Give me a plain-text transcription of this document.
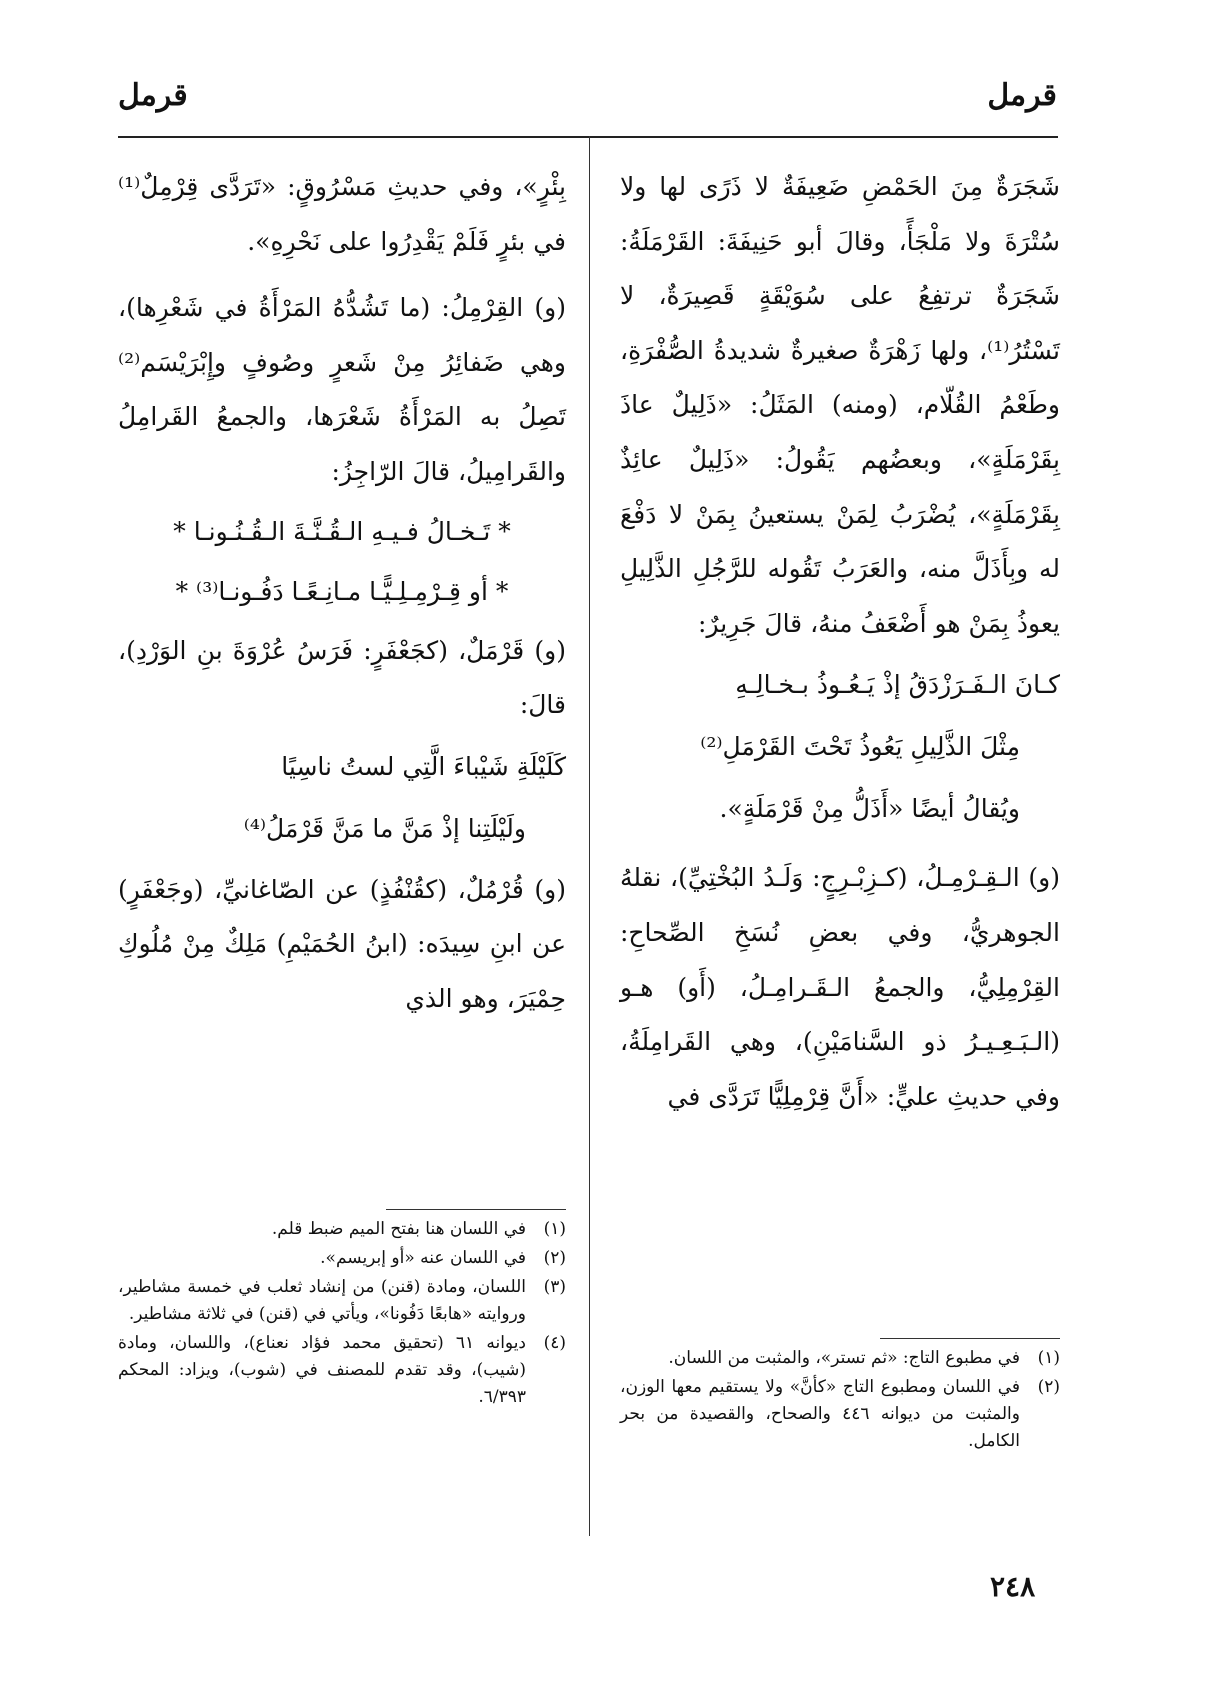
قرمل
قرمل

شَجَرَةٌ مِنَ الحَمْضِ ضَعِيفَةٌ لا ذَرًى لها ولا سُتْرَةَ ولا مَلْجَأً، وقالَ أبو حَنِيفَةَ: القَرْمَلَةُ: شَجَرَةٌ ترتفِعُ على سُوَيْقَةٍ قَصِيرَةٌ، لا تَسْتُرُ⁽¹⁾، ولها زَهْرَةٌ صغيرةٌ شديدةُ الصُّفْرَةِ، وطَعْمُ القُلّام، (ومنه) المَثَلُ: «ذَلِيلٌ عاذَ بِقَرْمَلَةٍ»، وبعضُهم يَقُولُ: «ذَلِيلٌ عائِذٌ بِقَرْمَلَةٍ»، يُضْرَبُ لِمَنْ يستعينُ بِمَنْ لا دَفْعَ له وبِأَذَلَّ منه، والعَرَبُ تَقُوله للرَّجُلِ الذَّلِيلِ يعوذُ بِمَنْ هو أَضْعَفُ منهُ، قالَ جَرِيرٌ:

كـانَ الـفَـرَزْدَقُ إذْ يَـعُـوذُ بـخـالِـهِ

مِثْلَ الذَّلِيلِ يَعُوذُ تَحْتَ القَرْمَلِ⁽²⁾

ويُقالُ أيضًا «أَذَلُّ مِنْ قَرْمَلَةٍ».

(و) الـقِـرْمِـلُ، (كـزِبْـرِجٍ: وَلَـدُ البُخْتِيِّ)، نقلهُ الجوهريُّ، وفي بعضِ نُسَخِ الصِّحاحِ: القِرْمِلِيُّ، والجمعُ الـقَـرامِـلُ، (أَو) هـو (الـبَـعِـيـرُ ذو السَّنامَيْنِ)، وهي القَرامِلَةُ، وفي حديثِ عليٍّ: «أَنَّ قِرْمِلِيًّا تَرَدَّى في

بِئْرٍ»، وفي حديثِ مَسْرُوقٍ: «تَرَدَّى قِرْمِلٌ⁽¹⁾ في بئرٍ فَلَمْ يَقْدِرُوا على نَحْرِهِ».

(و) القِرْمِلُ: (ما تَشُدُّهُ المَرْأَةُ في شَعْرِها)، وهي ضَفائِرُ مِنْ شَعرٍ وصُوفٍ وإِبْرَيْسَم⁽²⁾ تَصِلُ به المَرْأَةُ شَعْرَها، والجمعُ القَرامِلُ والقَرامِيلُ، قالَ الرّاجِزُ:

* تَـخـالُ فـيـهِ الـقُـنَّـةَ الـقُـنُـونـا *

* أو قِـرْمِـلِـيًّـا مـانِـعًـا دَفُـونـا⁽³⁾ *

(و) قَرْمَلٌ، (كجَعْفَرٍ: فَرَسُ عُرْوَةَ بنِ الوَرْدِ)، قالَ:

كَلَيْلَةِ شَيْباءَ الَّتِي لستُ ناسِيًا

ولَيْلَتِنا إذْ مَنَّ ما مَنَّ قَرْمَلُ⁽⁴⁾

(و) قُرْمُلٌ، (كقُنْفُذٍ) عن الصّاغانيِّ، (وجَعْفَرٍ) عن ابنِ سِيدَه: (ابنُ الحُمَيْمِ) مَلِكٌ مِنْ مُلُوكِ حِمْيَرَ، وهو الذي

(١)
في مطبوع التاج: «ثم تستر»، والمثبت من اللسان.

(٢)
في اللسان ومطبوع التاج «كأنَّ» ولا يستقيم معها الوزن، والمثبت من ديوانه ٤٤٦ والصحاح، والقصيدة من بحر الكامل.

(١)
في اللسان هنا بفتح الميم ضبط قلم.

(٢)
في اللسان عنه «أو إبريسم».

(٣)
اللسان، ومادة (قنن) من إنشاد ثعلب في خمسة مشاطير، وروايته «هابعًا دَفُونا»، ويأتي في (قنن) في ثلاثة مشاطير.

(٤)
ديوانه ٦١ (تحقيق محمد فؤاد نعناع)، واللسان، ومادة (شيب)، وقد تقدم للمصنف في (شوب)، ويزاد: المحكم ٦/٣٩٣.

٢٤٨
